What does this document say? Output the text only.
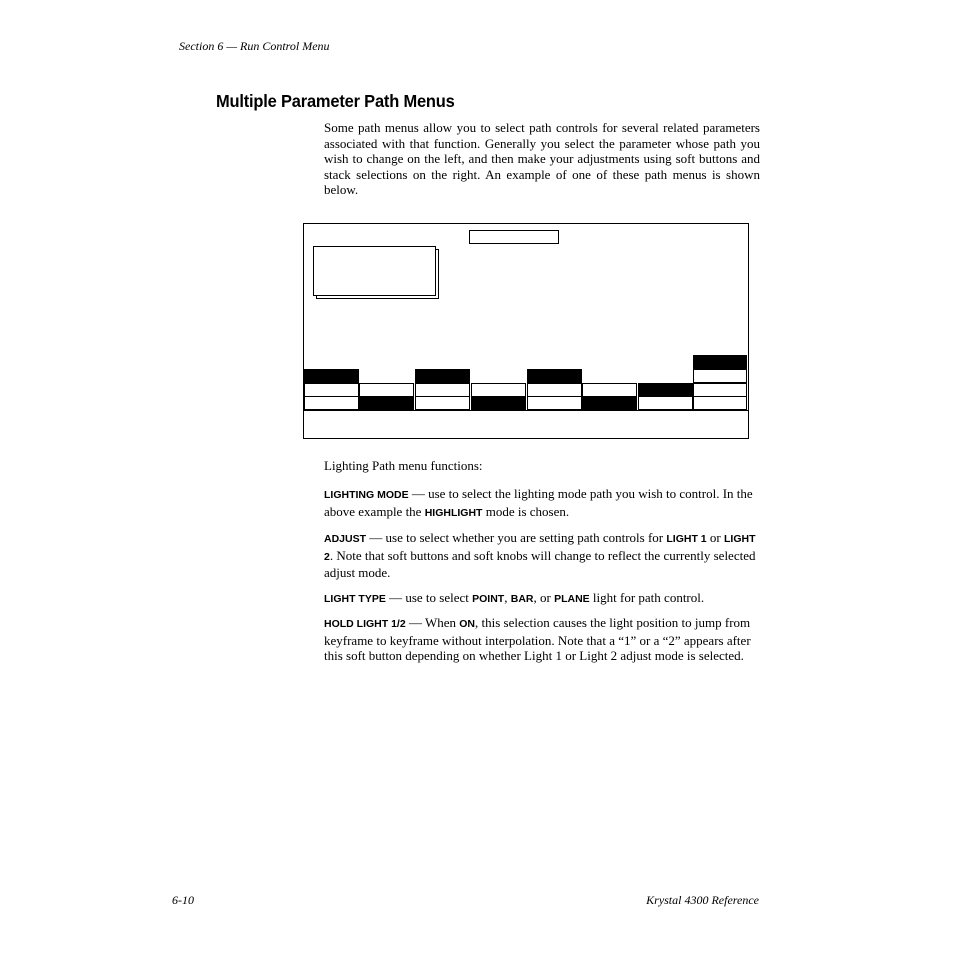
Section 6 — Run Control Menu
Multiple Parameter Path Menus

Some path menus allow you to select path controls for several related parameters associated with that function. Generally you select the parameter whose path you wish to change on the left, and then make your adjustments using soft buttons and stack selections on the right. An example of one of these path menus is shown below.

Lighting Path menu functions:

LIGHTING MODE — use to select the lighting mode path you wish to control. In the above example the HIGHLIGHT mode is chosen.

ADJUST — use to select whether you are setting path controls for LIGHT 1 or LIGHT 2. Note that soft buttons and soft knobs will change to reflect the currently selected adjust mode.

LIGHT TYPE — use to select POINT, BAR, or PLANE light for path control.

HOLD LIGHT 1/2 — When ON, this selection causes the light position to jump from keyframe to keyframe without interpolation. Note that a “1” or a “2” appears after this soft button depending on whether Light 1 or Light 2 adjust mode is selected.

6-10	Krystal 4300 Reference
